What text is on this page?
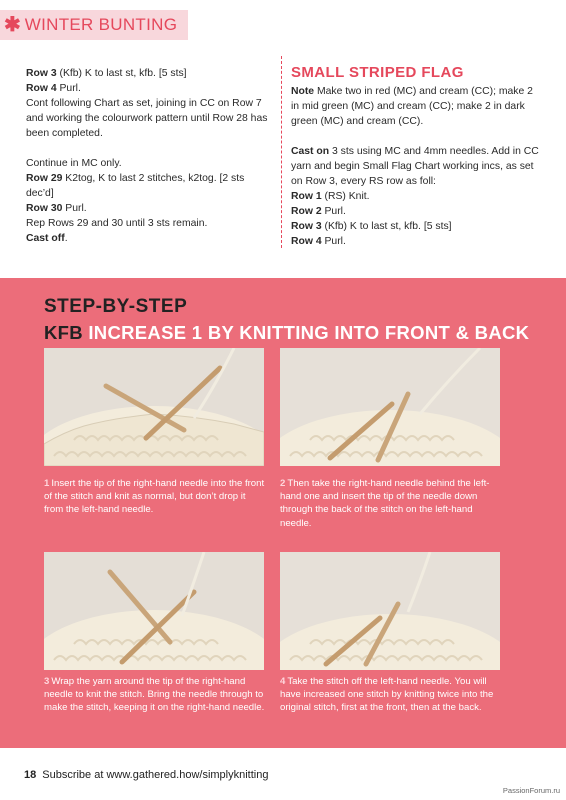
✱ WINTER BUNTING

Row 3 (Kfb) K to last st, kfb. [5 sts]

Row 4 Purl.

Cont following Chart as set, joining in CC on Row 7 and working the colourwork pattern until Row 28 has been completed.

Continue in MC only.

Row 29 K2tog, K to last 2 stitches, k2tog. [2 sts dec’d]

Row 30 Purl.

Rep Rows 29 and 30 until 3 sts remain.

Cast off.

SMALL STRIPED FLAG

Note Make two in red (MC) and cream (CC); make 2 in mid green (MC) and cream (CC); make 2 in dark green (MC) and cream (CC).

Cast on 3 sts using MC and 4mm needles. Add in CC yarn and begin Small Flag Chart working incs, as set on Row 3, every RS row as foll:

Row 1 (RS) Knit.

Row 2 Purl.

Row 3 (Kfb) K to last st, kfb. [5 sts]

Row 4 Purl.

STEP-BY-STEP
KFB INCREASE 1 BY KNITTING INTO FRONT & BACK
1 Insert the tip of the right-hand needle into the front of the stitch and knit as normal, but don’t drop it from the left-hand needle.
2 Then take the right-hand needle behind the left-hand one and insert the tip of the needle down through the back of the stitch on the left-hand needle.
3 Wrap the yarn around the tip of the right-hand needle to knit the stitch. Bring the needle through to make the stitch, keeping it on the right-hand needle.
4 Take the stitch off the left-hand needle. You will have increased one stitch by knitting twice into the original stitch, first at the front, then at the back.
18 Subscribe at www.gathered.how/simplyknitting
PassionForum.ru
